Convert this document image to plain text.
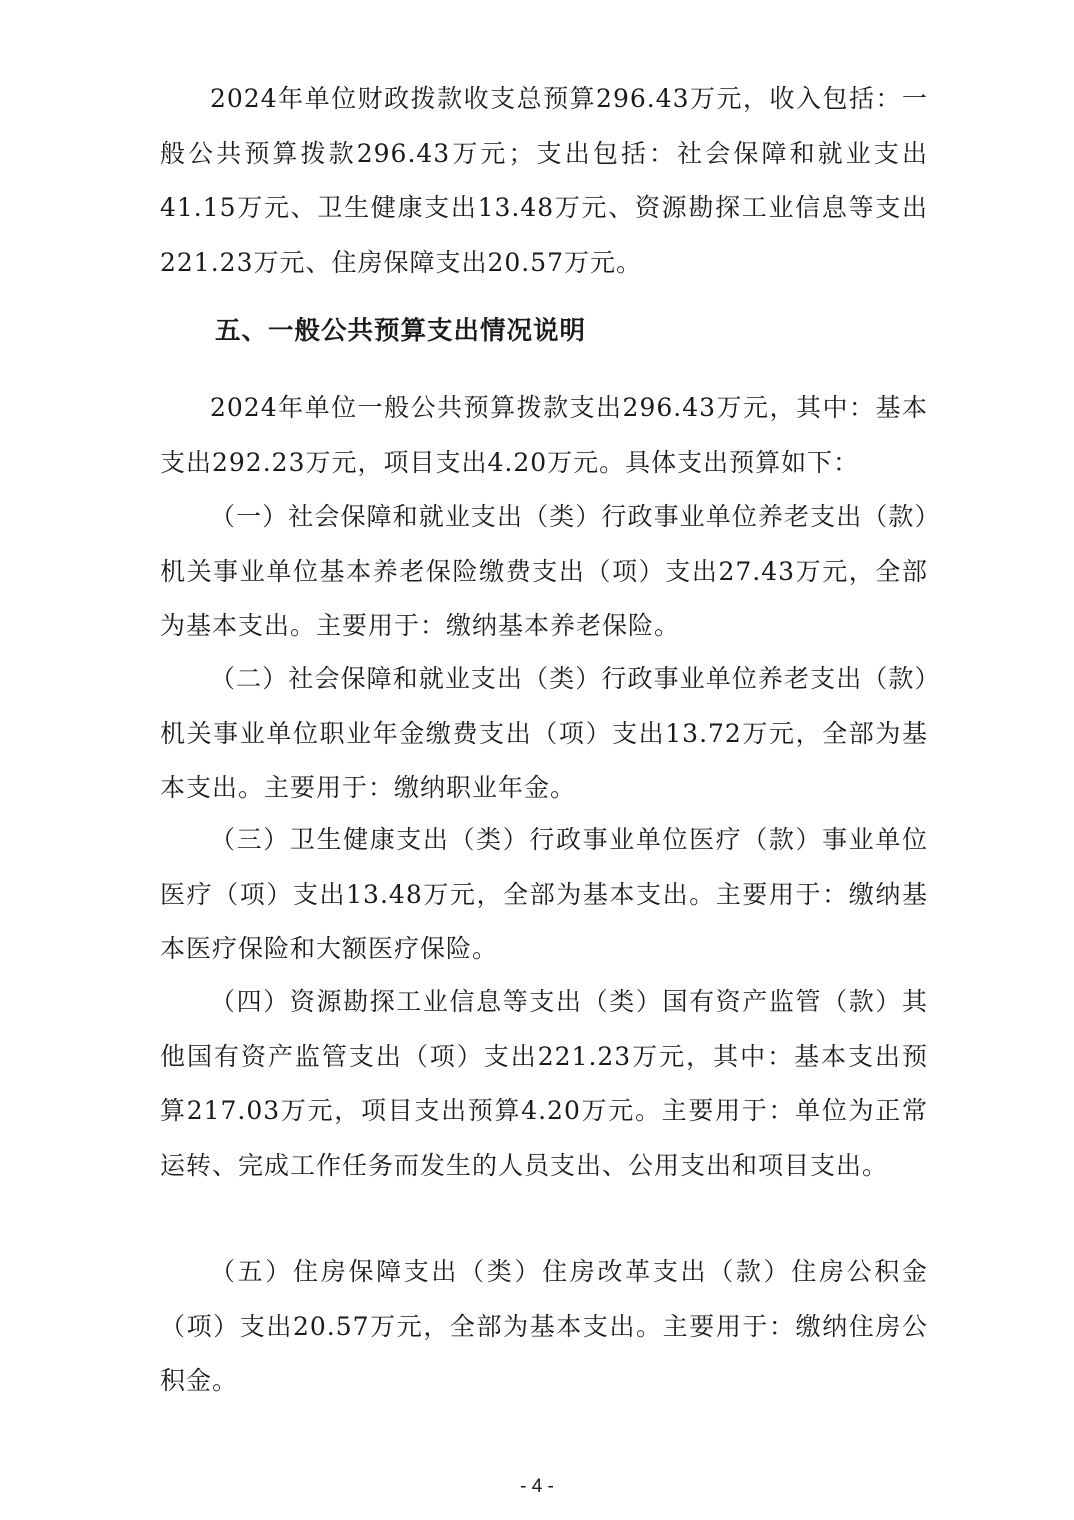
2024年单位财政拨款收支总预算296.43万元，收入包括：一般公共预算拨款296.43万元；支出包括：社会保障和就业支出41.15万元、卫生健康支出13.48万元、资源勘探工业信息等支出221.23万元、住房保障支出20.57万元。

五、一般公共预算支出情况说明

2024年单位一般公共预算拨款支出296.43万元，其中：基本支出292.23万元，项目支出4.20万元。具体支出预算如下：

（一）社会保障和就业支出（类）行政事业单位养老支出（款）机关事业单位基本养老保险缴费支出（项）支出27.43万元，全部为基本支出。主要用于：缴纳基本养老保险。

（二）社会保障和就业支出（类）行政事业单位养老支出（款）机关事业单位职业年金缴费支出（项）支出13.72万元，全部为基本支出。主要用于：缴纳职业年金。

（三）卫生健康支出（类）行政事业单位医疗（款）事业单位医疗（项）支出13.48万元，全部为基本支出。主要用于：缴纳基本医疗保险和大额医疗保险。

（四）资源勘探工业信息等支出（类）国有资产监管（款）其他国有资产监管支出（项）支出221.23万元，其中：基本支出预算217.03万元，项目支出预算4.20万元。主要用于：单位为正常运转、完成工作任务而发生的人员支出、公用支出和项目支出。

（五）住房保障支出（类）住房改革支出（款）住房公积金（项）支出20.57万元，全部为基本支出。主要用于：缴纳住房公积金。

- 4 -
